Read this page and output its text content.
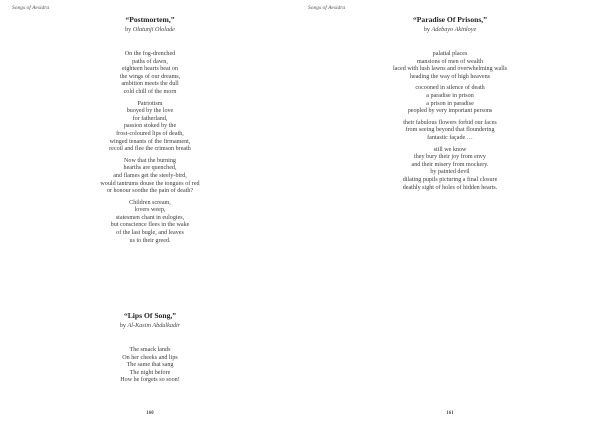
Songs of Aesidra
“Postmortem,”
by Olatunji Ololade
On the fog-drenched
paths of dawn,
eighteen hearts beat on
the wings of our dreams,
ambition meets the dull
cold chill of the morn
Patriotism
buoyed by the love
for fatherland,
passion stoked by the
frost-coloured lips of death,
winged tenants of the firmament,
recoil and flee the crimson breath
Now that the burning
hearths are quenched,
and flames get the steely-bird,
would tantrums douse the tongues of red
or honour soothe the pain of death?
Children scream,
lovers weep,
statesmen chant in eulogies,
but conscience flees in the wake
of the last bugle, and leaves
us to their greed.
“Lips Of Song,”
by Al-Kasim Abdulkadir
The smack lands
On her cheeks and lips
The same that sang
The night before
How he forgets so soon!
160
Songs of Aesidra
“Paradise Of Prisons,”
by Adebayo Akinloye
palatial places
mansions of men of wealth
laced with lush lawns and overwhelming walls
heading the way of high heavens
cocooned in silence of death
a paradise in prison
a prison in paradise
peopled by very important persons
their fabulous flowers forbid our faces
from seeing beyond that floundering
fantastic façade …
still we know
they bury their joy from envy
and their misery from mockery.
by painted devil
dilating pupils picturing a final closure
deathly sight of holes of hidden hearts.
161
